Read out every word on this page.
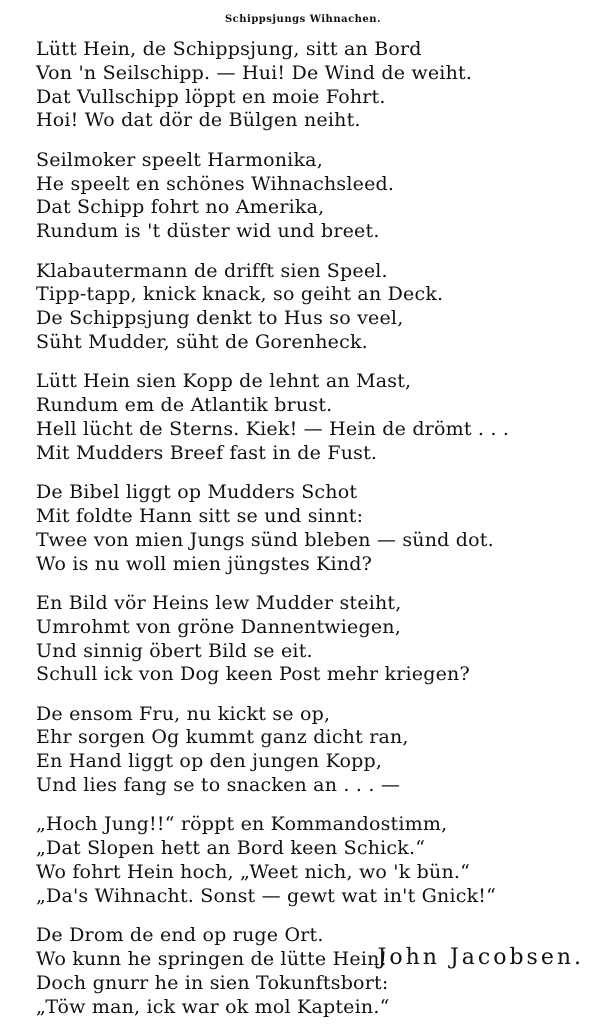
Schippsjungs Wihnachen.
Lütt Hein, de Schippsjung, sitt an Bord
Von 'n Seilschipp. — Hui! De Wind de weiht.
Dat Vullschipp löppt en moie Fohrt.
Hoi! Wo dat dör de Bülgen neiht.
Seilmoker speelt Harmonika,
He speelt en schönes Wihnachsleed.
Dat Schipp fohrt no Amerika,
Rundum is 't düster wid und breet.
Klabautermann de drifft sien Speel.
Tipp-tapp, knick knack, so geiht an Deck.
De Schippsjung denkt to Hus so veel,
Süht Mudder, süht de Gorenheck.
Lütt Hein sien Kopp de lehnt an Mast,
Rundum em de Atlantik brust.
Hell lücht de Sterns. Kiek! — Hein de drömt . . .
Mit Mudders Breef fast in de Fust.
De Bibel liggt op Mudders Schot
Mit foldte Hann sitt se und sinnt:
Twee von mien Jungs sünd bleben — sünd dot.
Wo is nu woll mien jüngstes Kind?
En Bild vör Heins lew Mudder steiht,
Umrohmt von gröne Dannentwiegen,
Und sinnig öbert Bild se eit.
Schull ick von Dog keen Post mehr kriegen?
De ensom Fru, nu kickt se op,
Ehr sorgen Og kummt ganz dicht ran,
En Hand liggt op den jungen Kopp,
Und lies fang se to snacken an . . . —
„Hoch Jung!!“ röppt en Kommandostimm,
„Dat Slopen hett an Bord keen Schick.“
Wo fohrt Hein hoch, „Weet nich, wo 'k bün.“
„Da's Wihnacht. Sonst — gewt wat in't Gnick!“
De Drom de end op ruge Ort.
Wo kunn he springen de lütte Hein!
Doch gnurr he in sien Tokunftsbort:
„Töw man, ick war ok mol Kaptein.“
John Jacobsen.
